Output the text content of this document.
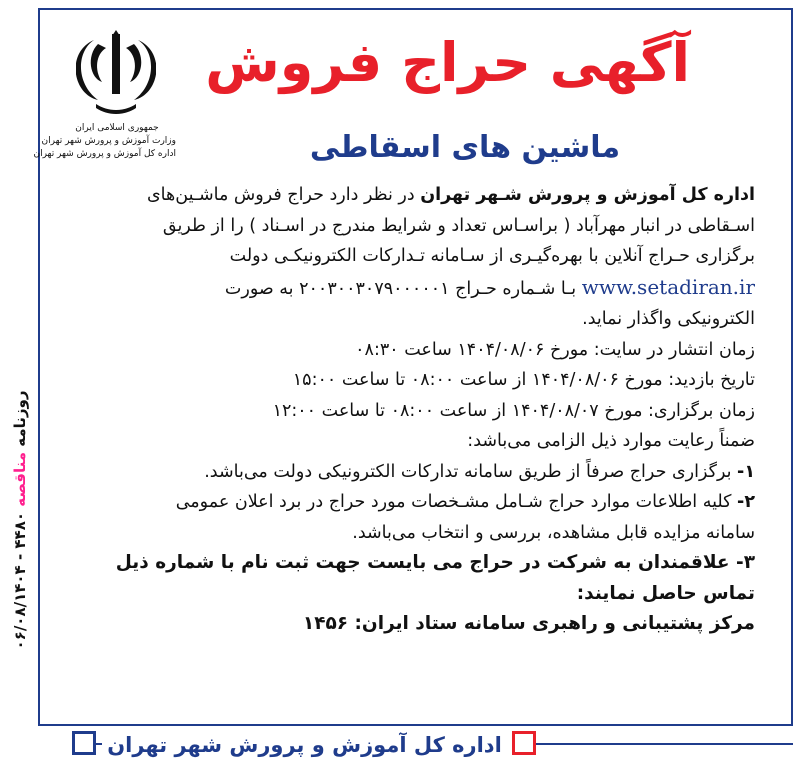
جمهوری اسلامی ایران
وزارت آموزش و پرورش شهر تهران
اداره کل آموزش و پرورش شهر تهران
آگهی حراج فروش
ماشین های اسقاطی
اداره کل آموزش و پرورش شـهر تهران در نظر دارد حراج فروش ماشـین‌های
اسـقاطی در انبار مهرآباد ( براسـاس تعداد و شرایط مندرج در اسـناد ) را از طریق
برگزاری حـراج آنلاین با بهره‌گیـری از سـامانه تـدارکات الکترونیکـی دولت
www.setadiran.ir بـا شـماره حـراج ۲۰۰۳۰۰۳۰۷۹۰۰۰۰۰۱ به صورت
الکترونیکی واگذار نماید.
زمان انتشار در سایت: مورخ ۱۴۰۴/۰۸/۰۶ ساعت ۰۸:۳۰
تاریخ بازدید: مورخ ۱۴۰۴/۰۸/۰۶ از ساعت ۰۸:۰۰ تا ساعت ۱۵:۰۰
زمان برگزاری: مورخ ۱۴۰۴/۰۸/۰۷ از ساعت ۰۸:۰۰ تا ساعت ۱۲:۰۰
ضمناً رعایت موارد ذیل الزامی می‌باشد:
۱- برگزاری حراج صرفاً از طریق سامانه تدارکات الکترونیکی دولت می‌باشد.
۲- کلیه اطلاعات موارد حراج شـامل مشـخصات مورد حراج در برد اعلان عمومی
سامانه مزایده قابل مشاهده، بررسی و انتخاب می‌باشد.
۳- علاقمندان به شرکت در حراج می بایست جهت ثبت نام با شماره ذیل
تماس حاصل نمایند:
مرکز پشتیبانی و راهبری سامانه ستاد ایران: ۱۴۵۶
روزنامه مناقصه ۴۴۸۰ - ۰۶/۰۸/۱۴۰۴
اداره کل آموزش و پرورش شهر تهران
